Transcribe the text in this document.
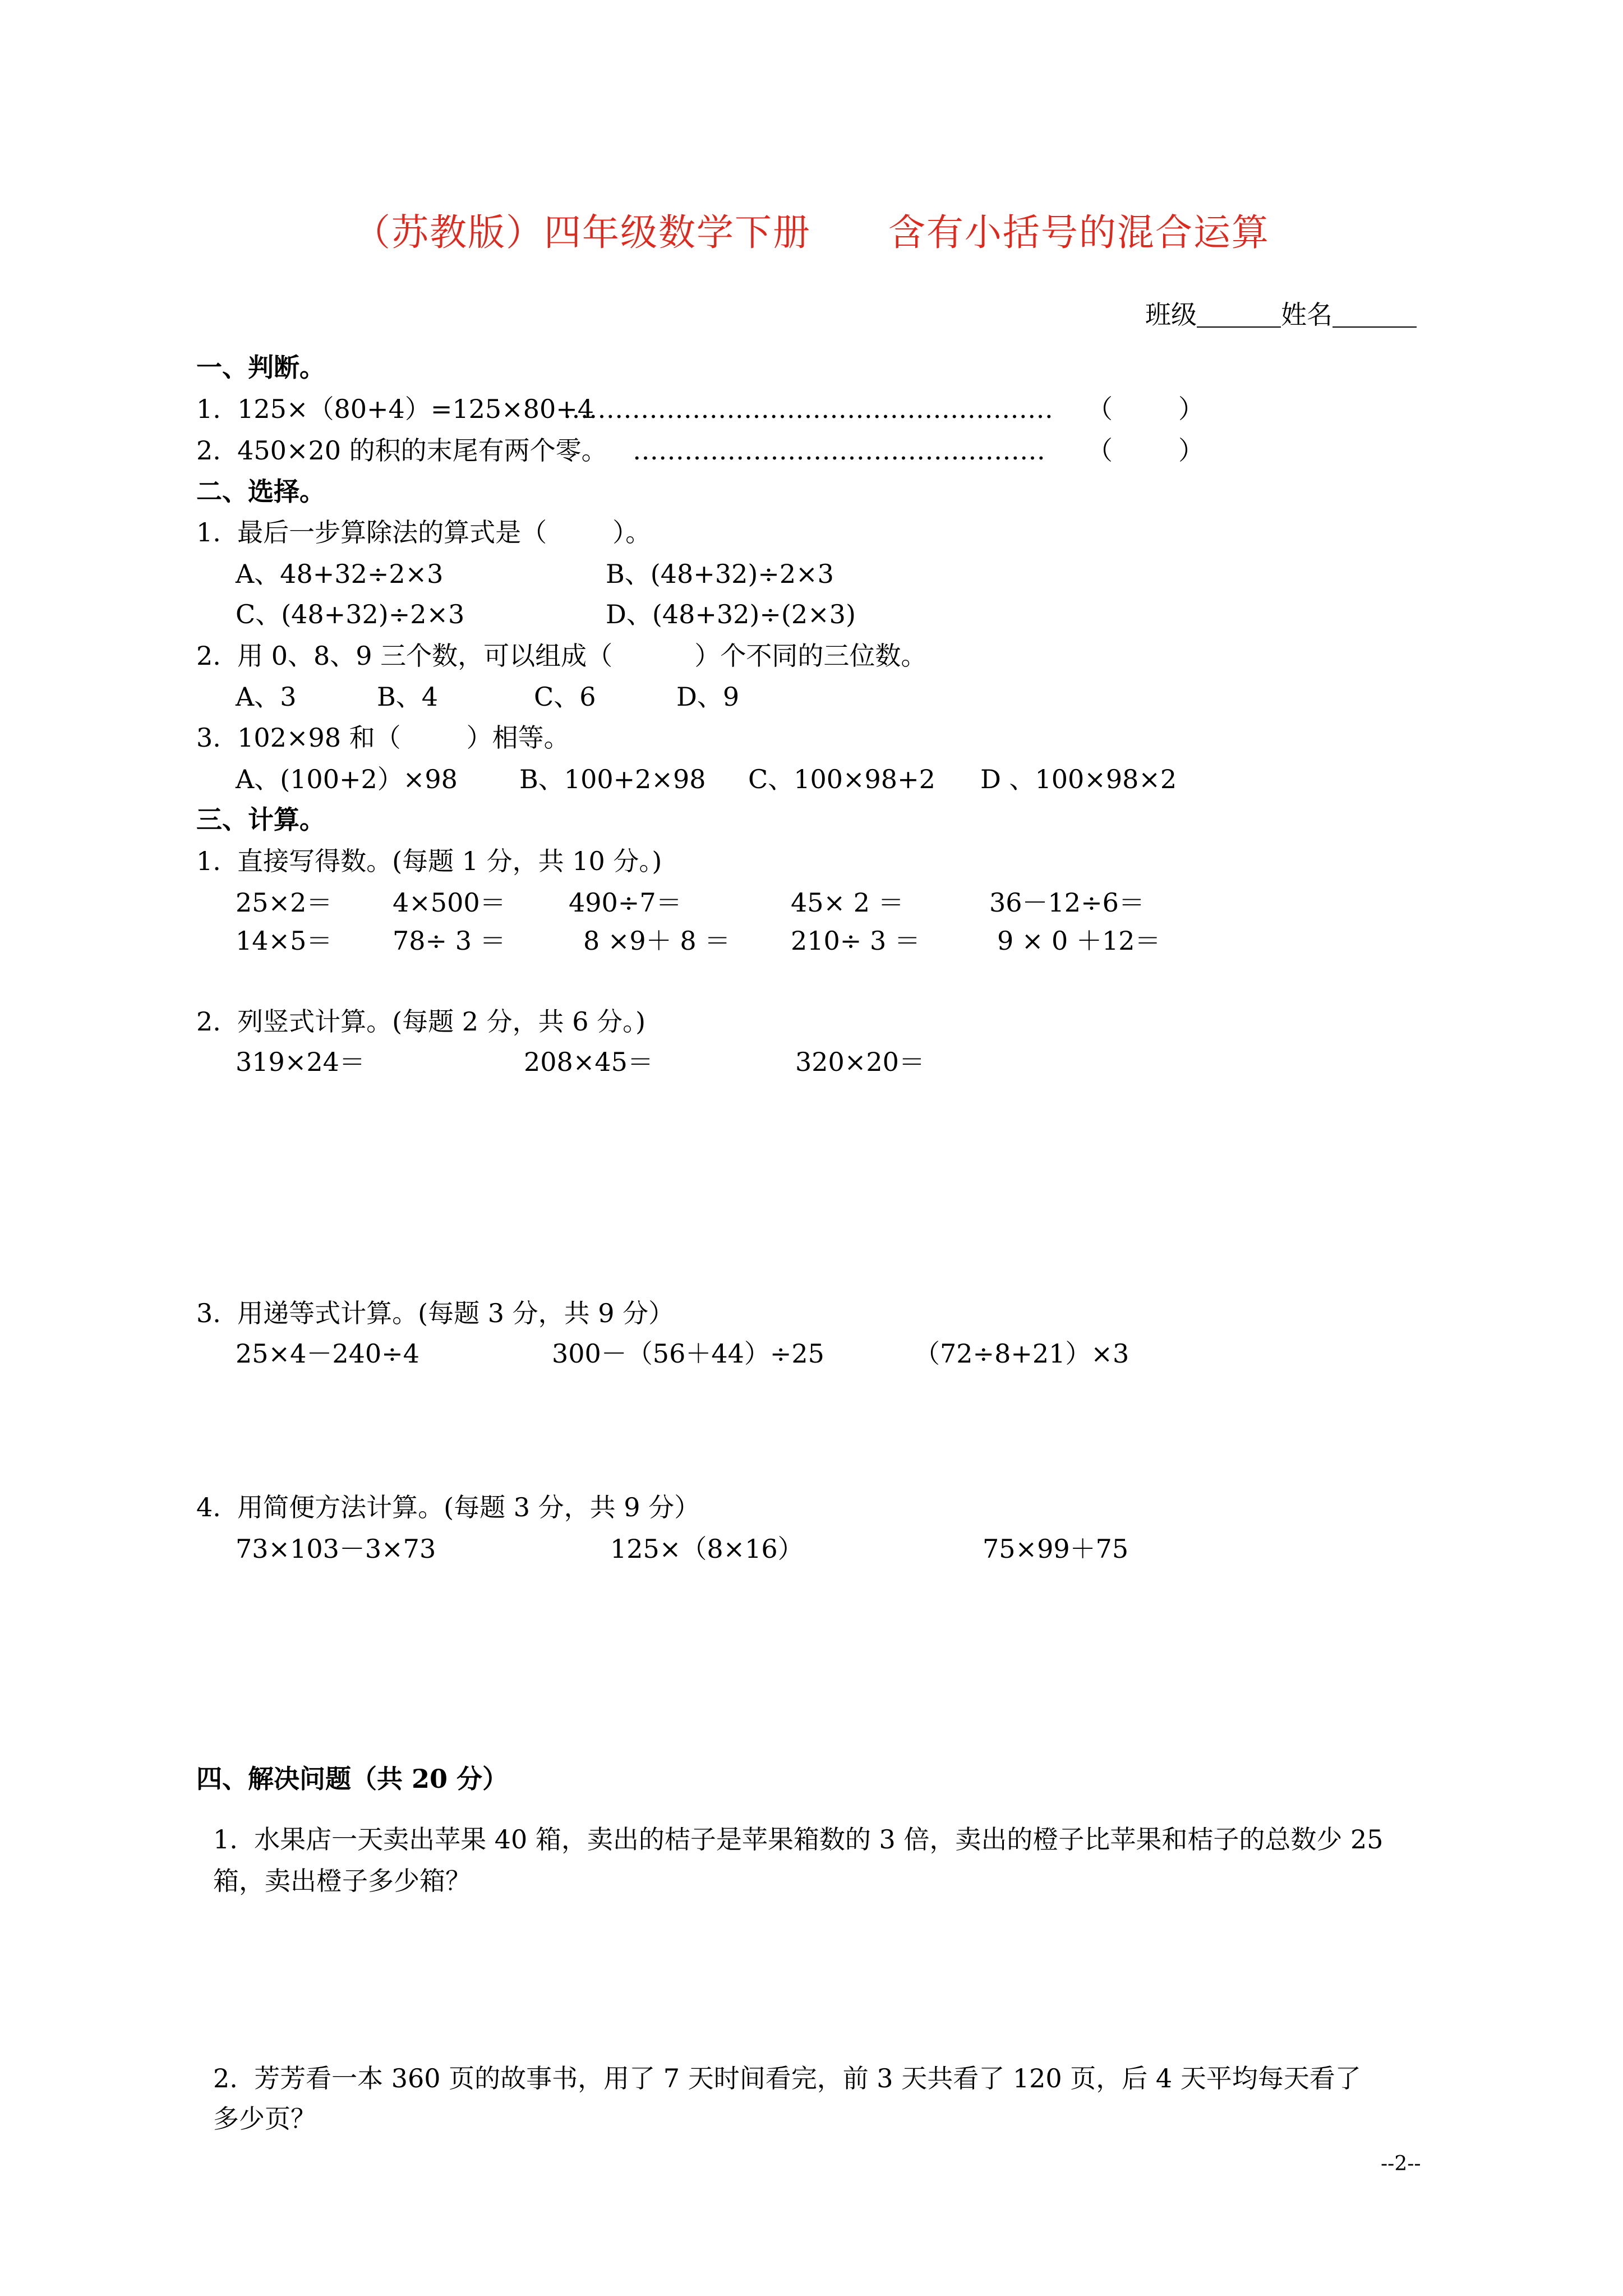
（苏教版）四年级数学下册      含有小括号的混合运算
班级	姓名
一、判断。
1.  125×（80+4）=125×80+4
………………………………………………… （        ）
2.  450×20 的积的末尾有两个零。 ………………………………………… （        ）
二、选择。
1.  最后一步算除法的算式是（        ）。
A、48+32÷2×3	B、(48+32)÷2×3
C、(48+32)÷2×3	D、(48+32)÷(2×3)
2.  用 0、8、9 三个数，可以组成（          ）个不同的三位数。
A、3	B、4	C、6	D、9
3.  102×98 和（        ）相等。
A、(100+2）×98 B、100+2×98 C、100×98+2 D 、100×98×2
三、计算。
1.  直接写得数。(每题 1 分，共 10 分。)
25×2＝ 4×500＝ 490÷7＝	45× 2 ＝	36－12÷6＝
14×5＝ 78÷ 3 ＝	8 ×9＋ 8 ＝ 210÷ 3 ＝	9 × 0 ＋12＝
2.  列竖式计算。(每题 2 分，共 6 分。)
319×24＝	208×45＝	320×20＝
3.  用递等式计算。(每题 3 分，共 9 分）
25×4－240÷4	300－（56＋44）÷25	（72÷8+21）×3
4.  用简便方法计算。(每题 3 分，共 9 分）
73×103－3×73	125×（8×16）	75×99＋75
四、解决问题（共 20 分）
1.  水果店一天卖出苹果 40 箱，卖出的桔子是苹果箱数的 3 倍，卖出的橙子比苹果和桔子的总数少 25
箱，卖出橙子多少箱？
2.  芳芳看一本 360 页的故事书，用了 7 天时间看完，前 3 天共看了 120 页，后 4 天平均每天看了
多少页？
--2--
